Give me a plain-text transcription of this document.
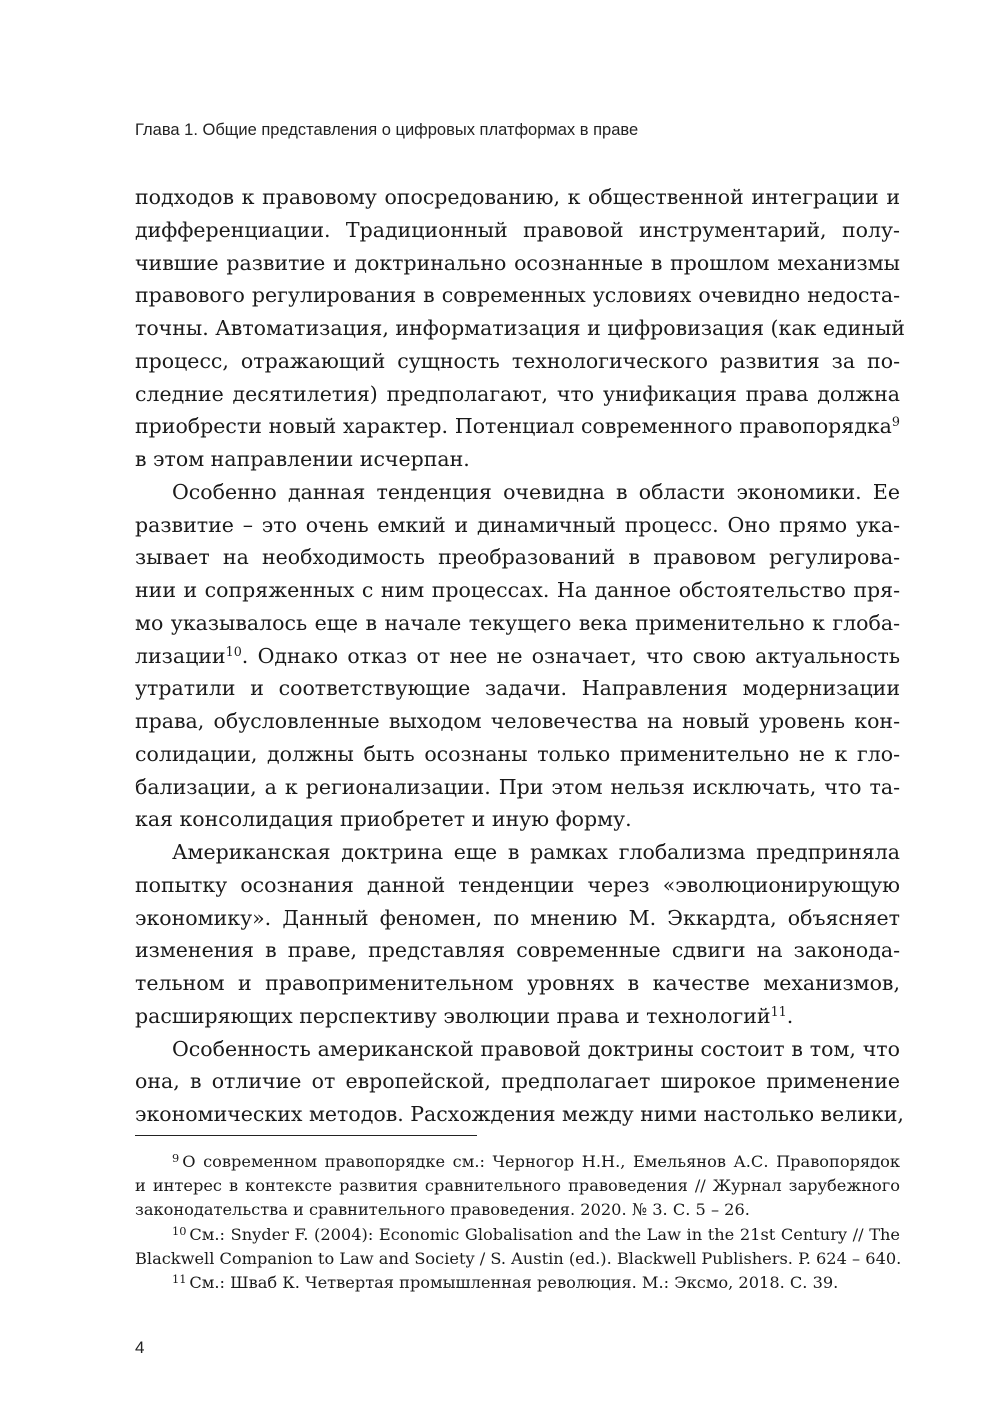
Глава 1. Общие представления о цифровых платформах в праве

подходов к правовому опосредованию, к общественной интеграции и
дифференциации. Традиционный правовой инструментарий, полу-
чившие развитие и доктринально осознанные в прошлом механизмы
правового регулирования в современных условиях очевидно недоста-
точны. Автоматизация, информатизация и цифровизация (как единый
процесс, отражающий сущность технологического развития за по-
следние десятилетия) предполагают, что унификация права должна
приобрести новый характер. Потенциал современного правопорядка$^9$
в этом направлении исчерпан.

Особенно данная тенденция очевидна в области экономики. Ее
развитие – это очень емкий и динамичный процесс. Оно прямо ука-
зывает на необходимость преобразований в правовом регулирова-
нии и сопряженных с ним процессах. На данное обстоятельство пря-
мо указывалось еще в начале текущего века применительно к глоба-
лизации$^{10}$. Однако отказ от нее не означает, что свою актуальность
утратили и соответствующие задачи. Направления модернизации
права, обусловленные выходом человечества на новый уровень кон-
солидации, должны быть осознаны только применительно не к гло-
бализации, а к регионализации. При этом нельзя исключать, что та-
кая консолидация приобретет и иную форму.

Американская доктрина еще в рамках глобализма предприняла
попытку осознания данной тенденции через «эволюционирующую
экономику». Данный феномен, по мнению М. Эккардта, объясняет
изменения в праве, представляя современные сдвиги на законода-
тельном и правоприменительном уровнях в качестве механизмов,
расширяющих перспективу эволюции права и технологий$^{11}$.

Особенность американской правовой доктрины состоит в том, что
она, в отличие от европейской, предполагает широкое применение
экономических методов. Расхождения между ними настолько велики,

$^9$ О современном правопорядке см.: Черногор Н.Н., Емельянов А.С. Правопорядок
и интерес в контексте развития сравнительного правоведения // Журнал зарубежного
законодательства и сравнительного правоведения. 2020. № 3. С. 5 – 26.
$^{10}$ См.: Snyder F. (2004): Economic Globalisation and the Law in the 21st Century // The
Blackwell Companion to Law and Society / S. Austin (ed.). Blackwell Publishers. P. 624 – 640.
$^{11}$ См.: Шваб К. Четвертая промышленная революция. М.: Эксмо, 2018. С. 39.
4
